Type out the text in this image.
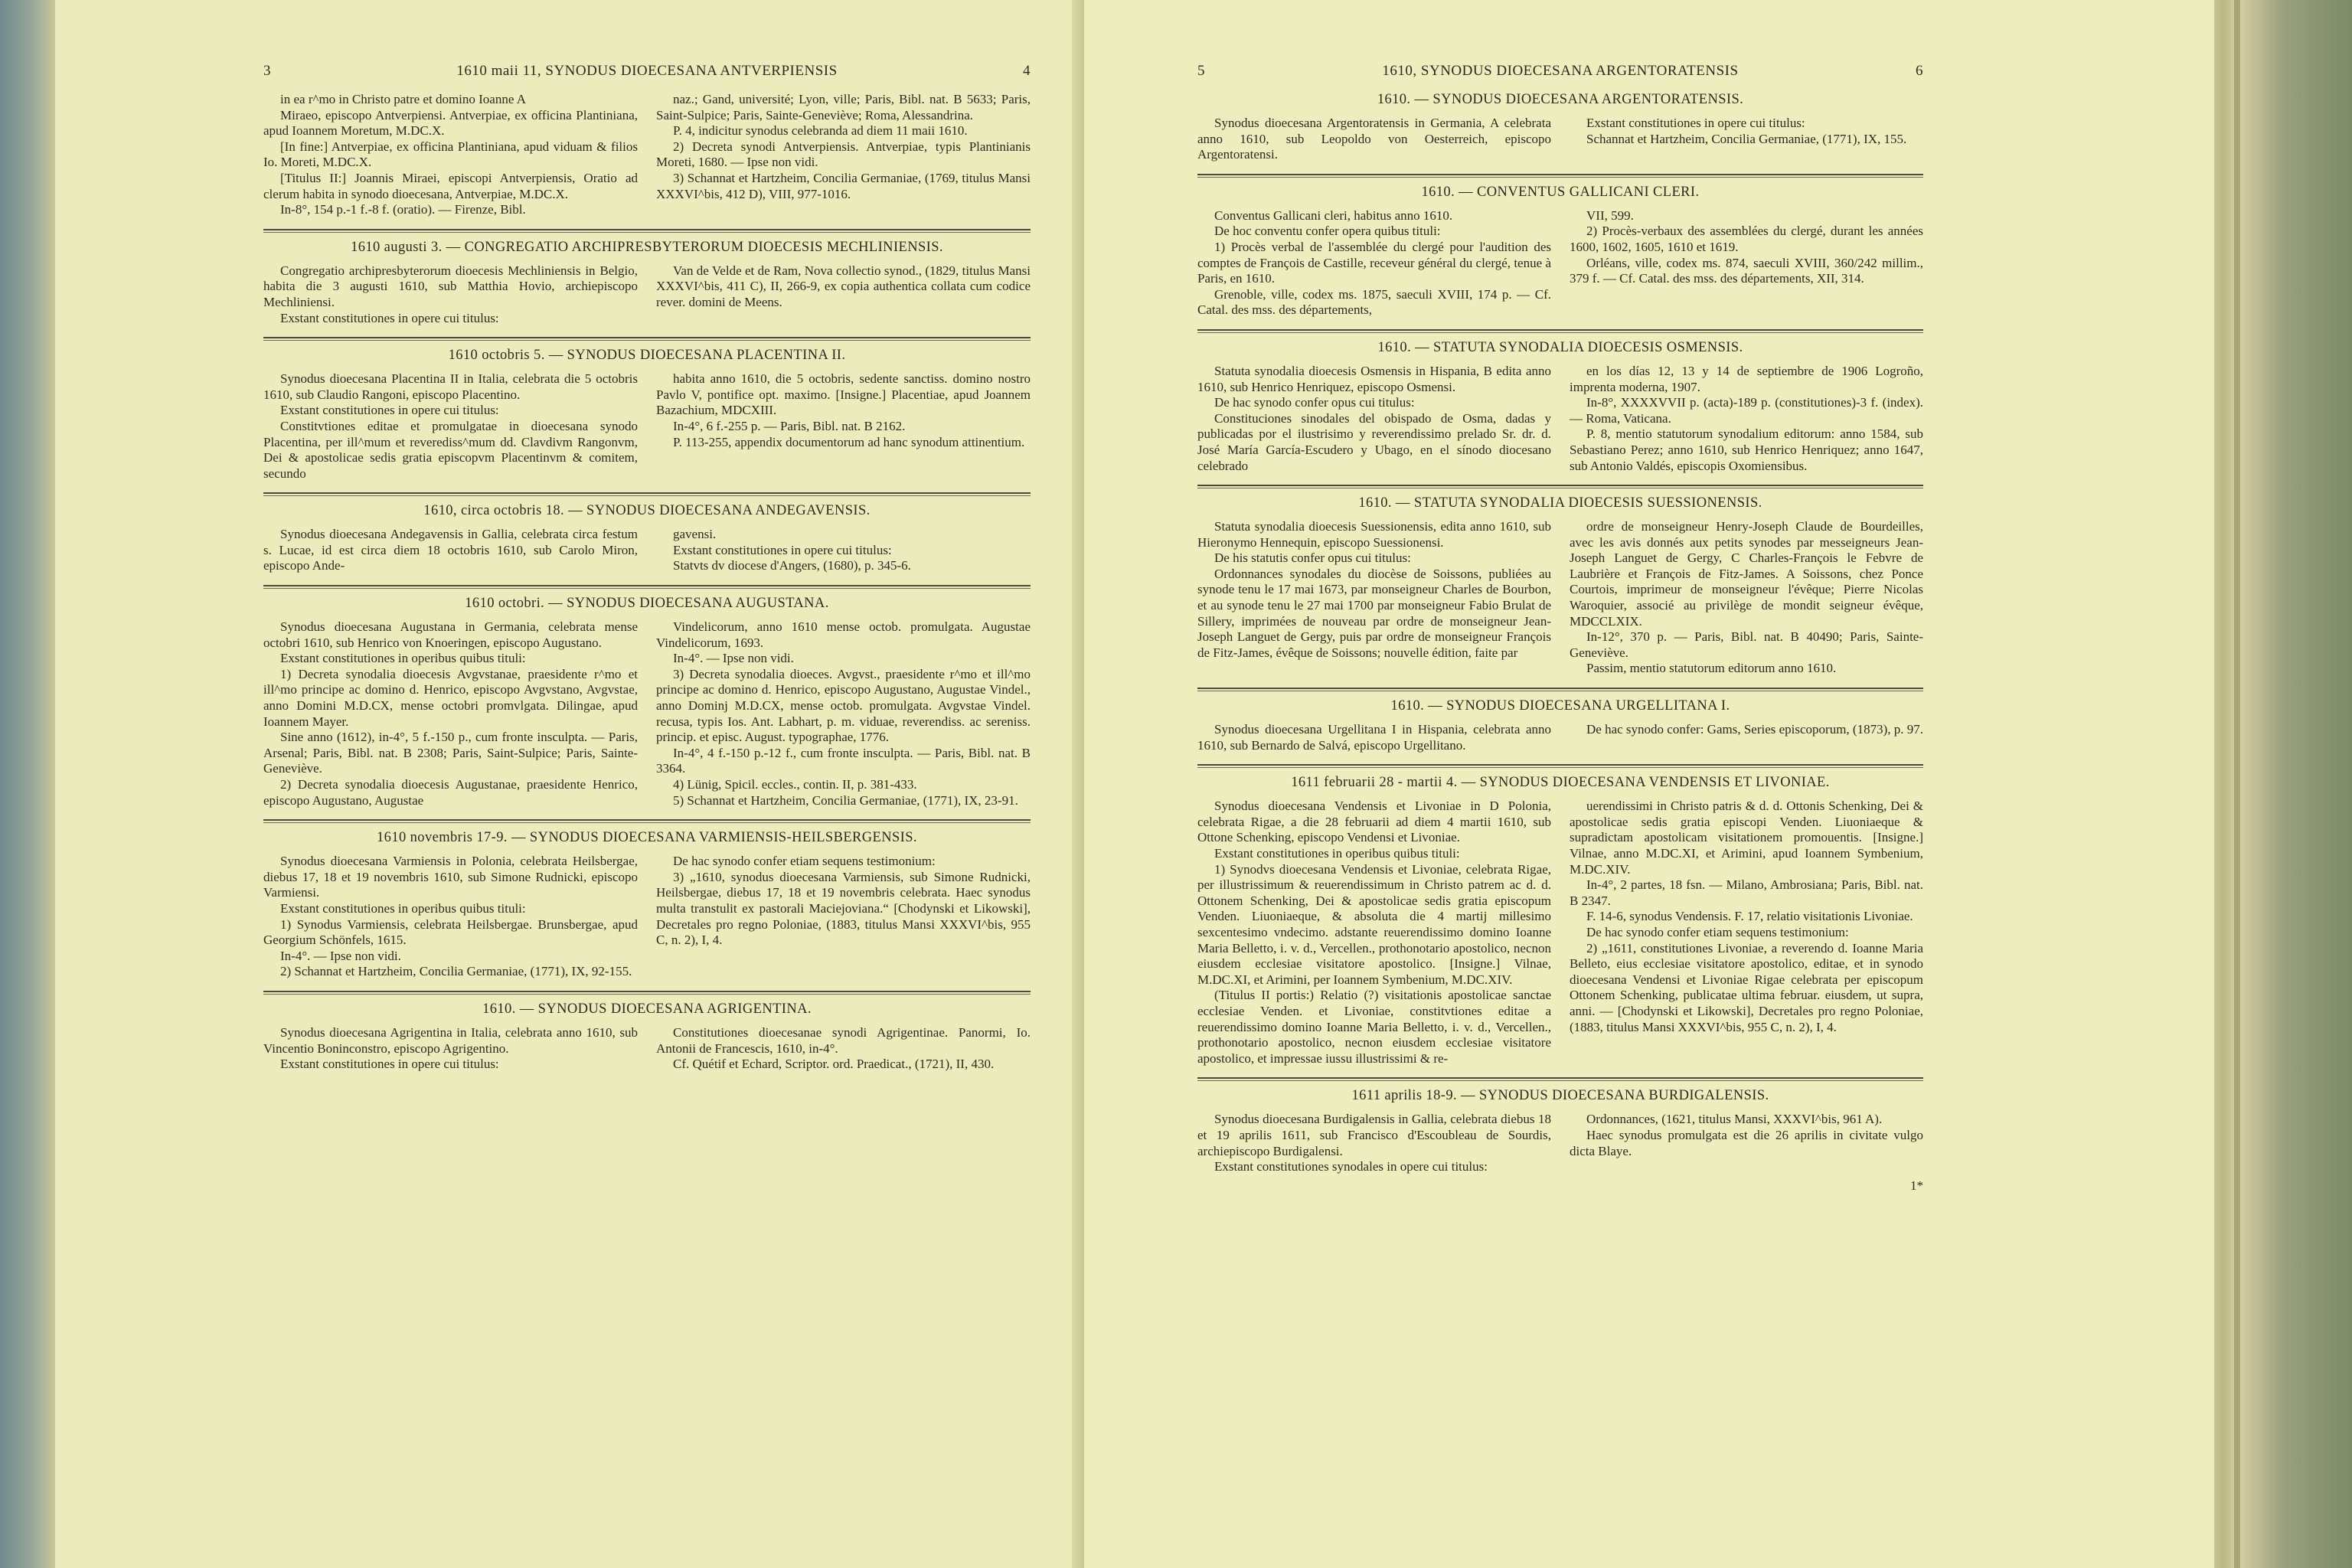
3	1610 maii 11, SYNODUS DIOECESANA ANTVERPIENSIS	4

in ea r^mo in Christo patre et domino Ioanne A

Miraeo, episcopo Antverpiensi. Antverpiae, ex officina Plantiniana, apud Ioannem Moretum, M.DC.X.

[In fine:] Antverpiae, ex officina Plantiniana, apud viduam & filios Io. Moreti, M.DC.X.

[Titulus II:] Joannis Miraei, episcopi Antverpiensis, Oratio ad clerum habita in synodo dioecesana, Antverpiae, M.DC.X.

In-8°, 154 p.-1 f.-8 f. (oratio). — Firenze, Bibl.

naz.; Gand, université; Lyon, ville; Paris, Bibl. nat. B 5633; Paris, Saint-Sulpice; Paris, Sainte-Geneviève; Roma, Alessandrina.

P. 4, indicitur synodus celebranda ad diem 11 maii 1610.

2) Decreta synodi Antverpiensis. Antverpiae, typis Plantinianis Moreti, 1680. — Ipse non vidi.

3) Schannat et Hartzheim, Concilia Germaniae, (1769, titulus Mansi XXXVI^bis, 412 D), VIII, 977-1016.

1610 augusti 3. — CONGREGATIO ARCHIPRESBYTERORUM DIOECESIS MECHLINIENSIS.

Congregatio archipresbyterorum dioecesis Mechliniensis in Belgio, habita die 3 augusti 1610, sub Matthia Hovio, archiepiscopo Mechliniensi.

Exstant constitutiones in opere cui titulus:

Van de Velde et de Ram, Nova collectio synod., (1829, titulus Mansi XXXVI^bis, 411 C), II, 266-9, ex copia authentica collata cum codice rever. domini de Meens.

1610 octobris 5. — SYNODUS DIOECESANA PLACENTINA II.

Synodus dioecesana Placentina II in Italia, celebrata die 5 octobris 1610, sub Claudio Rangoni, episcopo Placentino.

Exstant constitutiones in opere cui titulus:

Constitvtiones editae et promulgatae in dioecesana synodo Placentina, per ill^mum et reverediss^mum dd. Clavdivm Rangonvm, Dei & apostolicae sedis gratia episcopvm Placentinvm & comitem, secundo

habita anno 1610, die 5 octobris, sedente sanctiss. domino nostro Pavlo V, pontifice opt. maximo. [Insigne.] Placentiae, apud Joannem Bazachium, MDCXIII.

In-4°, 6 f.-255 p. — Paris, Bibl. nat. B 2162.

P. 113-255, appendix documentorum ad hanc synodum attinentium.

1610, circa octobris 18. — SYNODUS DIOECESANA ANDEGAVENSIS.

Synodus dioecesana Andegavensis in Gallia, celebrata circa festum s. Lucae, id est circa diem 18 octobris 1610, sub Carolo Miron, episcopo Ande-

gavensi.

Exstant constitutiones in opere cui titulus:

Statvts dv diocese d'Angers, (1680), p. 345-6.

1610 octobri. — SYNODUS DIOECESANA AUGUSTANA.

Synodus dioecesana Augustana in Germania, celebrata mense octobri 1610, sub Henrico von Knoeringen, episcopo Augustano.

Exstant constitutiones in operibus quibus tituli:

1) Decreta synodalia dioecesis Avgvstanae, praesidente r^mo et ill^mo principe ac domino d. Henrico, episcopo Avgvstano, Avgvstae, anno Domini M.D.CX, mense octobri promvlgata. Dilingae, apud Ioannem Mayer.

Sine anno (1612), in-4°, 5 f.-150 p., cum fronte insculpta. — Paris, Arsenal; Paris, Bibl. nat. B 2308; Paris, Saint-Sulpice; Paris, Sainte-Geneviève.

2) Decreta synodalia dioecesis Augustanae, praesidente Henrico, episcopo Augustano, Augustae

Vindelicorum, anno 1610 mense octob. promulgata. Augustae Vindelicorum, 1693.

In-4°. — Ipse non vidi.

3) Decreta synodalia dioeces. Avgvst., praesidente r^mo et ill^mo principe ac domino d. Henrico, episcopo Augustano, Augustae Vindel., anno Dominj M.D.CX, mense octob. promulgata. Avgvstae Vindel. recusa, typis Ios. Ant. Labhart, p. m. viduae, reverendiss. ac sereniss. princip. et episc. August. typographae, 1776.

In-4°, 4 f.-150 p.-12 f., cum fronte insculpta. — Paris, Bibl. nat. B 3364.

4) Lünig, Spicil. eccles., contin. II, p. 381-433.

5) Schannat et Hartzheim, Concilia Germaniae, (1771), IX, 23-91.

1610 novembris 17-9. — SYNODUS DIOECESANA VARMIENSIS-HEILSBERGENSIS.

Synodus dioecesana Varmiensis in Polonia, celebrata Heilsbergae, diebus 17, 18 et 19 novembris 1610, sub Simone Rudnicki, episcopo Varmiensi.

Exstant constitutiones in operibus quibus tituli:

1) Synodus Varmiensis, celebrata Heilsbergae. Brunsbergae, apud Georgium Schönfels, 1615.

In-4°. — Ipse non vidi.

2) Schannat et Hartzheim, Concilia Germaniae, (1771), IX, 92-155.

De hac synodo confer etiam sequens testimonium:

3) „1610, synodus dioecesana Varmiensis, sub Simone Rudnicki, Heilsbergae, diebus 17, 18 et 19 novembris celebrata. Haec synodus multa transtulit ex pastorali Maciejoviana.“ [Chodynski et Likowski], Decretales pro regno Poloniae, (1883, titulus Mansi XXXVI^bis, 955 C, n. 2), I, 4.

1610. — SYNODUS DIOECESANA AGRIGENTINA.

Synodus dioecesana Agrigentina in Italia, celebrata anno 1610, sub Vincentio Boninconstro, episcopo Agrigentino.

Exstant constitutiones in opere cui titulus:

Constitutiones dioecesanae synodi Agrigentinae. Panormi, Io. Antonii de Francescis, 1610, in-4°.

Cf. Quétif et Echard, Scriptor. ord. Praedicat., (1721), II, 430.

5	1610, SYNODUS DIOECESANA ARGENTORATENSIS	6
1610. — SYNODUS DIOECESANA ARGENTORATENSIS.

Synodus dioecesana Argentoratensis in Germania, A celebrata anno 1610, sub Leopoldo von Oesterreich, episcopo Argentoratensi.

Exstant constitutiones in opere cui titulus:

Schannat et Hartzheim, Concilia Germaniae, (1771), IX, 155.

1610. — CONVENTUS GALLICANI CLERI.

Conventus Gallicani cleri, habitus anno 1610.

De hoc conventu confer opera quibus tituli:

1) Procès verbal de l'assemblée du clergé pour l'audition des comptes de François de Castille, receveur général du clergé, tenue à Paris, en 1610.

Grenoble, ville, codex ms. 1875, saeculi XVIII, 174 p. — Cf. Catal. des mss. des départements,

VII, 599.

2) Procès-verbaux des assemblées du clergé, durant les années 1600, 1602, 1605, 1610 et 1619.

Orléans, ville, codex ms. 874, saeculi XVIII, 360/242 millim., 379 f. — Cf. Catal. des mss. des départements, XII, 314.

1610. — STATUTA SYNODALIA DIOECESIS OSMENSIS.

Statuta synodalia dioecesis Osmensis in Hispania, B edita anno 1610, sub Henrico Henriquez, episcopo Osmensi.

De hac synodo confer opus cui titulus:

Constituciones sinodales del obispado de Osma, dadas y publicadas por el ilustrisimo y reverendissimo prelado Sr. dr. d. José María García-Escudero y Ubago, en el sínodo diocesano celebrado

en los días 12, 13 y 14 de septiembre de 1906 Logroño, imprenta moderna, 1907.

In-8°, XXXXVVII p. (acta)-189 p. (constitutiones)-3 f. (index). — Roma, Vaticana.

P. 8, mentio statutorum synodalium editorum: anno 1584, sub Sebastiano Perez; anno 1610, sub Henrico Henriquez; anno 1647, sub Antonio Valdés, episcopis Oxomiensibus.

1610. — STATUTA SYNODALIA DIOECESIS SUESSIONENSIS.

Statuta synodalia dioecesis Suessionensis, edita anno 1610, sub Hieronymo Hennequin, episcopo Suessionensi.

De his statutis confer opus cui titulus:

Ordonnances synodales du diocèse de Soissons, publiées au synode tenu le 17 mai 1673, par monseigneur Charles de Bourbon, et au synode tenu le 27 mai 1700 par monseigneur Fabio Brulat de Sillery, imprimées de nouveau par ordre de monseigneur Jean-Joseph Languet de Gergy, puis par ordre de monseigneur François de Fitz-James, évêque de Soissons; nouvelle édition, faite par

ordre de monseigneur Henry-Joseph Claude de Bourdeilles, avec les avis donnés aux petits synodes par messeigneurs Jean-Joseph Languet de Gergy, C Charles-François le Febvre de Laubrière et François de Fitz-James. A Soissons, chez Ponce Courtois, imprimeur de monseigneur l'évêque; Pierre Nicolas Waroquier, associé au privilège de mondit seigneur évêque, MDCCLXIX.

In-12°, 370 p. — Paris, Bibl. nat. B 40490; Paris, Sainte-Geneviève.

Passim, mentio statutorum editorum anno 1610.

1610. — SYNODUS DIOECESANA URGELLITANA I.

Synodus dioecesana Urgellitana I in Hispania, celebrata anno 1610, sub Bernardo de Salvá, episcopo Urgellitano.

De hac synodo confer: Gams, Series episcoporum, (1873), p. 97.

1611 februarii 28 - martii 4. — SYNODUS DIOECESANA VENDENSIS ET LIVONIAE.

Synodus dioecesana Vendensis et Livoniae in D Polonia, celebrata Rigae, a die 28 februarii ad diem 4 martii 1610, sub Ottone Schenking, episcopo Vendensi et Livoniae.

Exstant constitutiones in operibus quibus tituli:

1) Synodvs dioecesana Vendensis et Livoniae, celebrata Rigae, per illustrissimum & reuerendissimum in Christo patrem ac d. d. Ottonem Schenking, Dei & apostolicae sedis gratia episcopum Venden. Liuoniaeque, & absoluta die 4 martij millesimo sexcentesimo vndecimo. adstante reuerendissimo domino Ioanne Maria Belletto, i. v. d., Vercellen., prothonotario apostolico, necnon eiusdem ecclesiae visitatore apostolico. [Insigne.] Vilnae, M.DC.XI, et Arimini, per Ioannem Symbenium, M.DC.XIV.

(Titulus II portis:) Relatio (?) visitationis apostolicae sanctae ecclesiae Venden. et Livoniae, constitvtiones editae a reuerendissimo domino Ioanne Maria Belletto, i. v. d., Vercellen., prothonotario apostolico, necnon eiusdem ecclesiae visitatore apostolico, et impressae iussu illustrissimi & re-

uerendissimi in Christo patris & d. d. Ottonis Schenking, Dei & apostolicae sedis gratia episcopi Venden. Liuoniaeque & supradictam apostolicam visitationem promouentis. [Insigne.] Vilnae, anno M.DC.XI, et Arimini, apud Ioannem Symbenium, M.DC.XIV.

In-4°, 2 partes, 18 fsn. — Milano, Ambrosiana; Paris, Bibl. nat. B 2347.

F. 14-6, synodus Vendensis. F. 17, relatio visitationis Livoniae.

De hac synodo confer etiam sequens testimonium:

2) „1611, constitutiones Livoniae, a reverendo d. Ioanne Maria Belleto, eius ecclesiae visitatore apostolico, editae, et in synodo dioecesana Vendensi et Livoniae Rigae celebrata per episcopum Ottonem Schenking, publicatae ultima februar. eiusdem, ut supra, anni. — [Chodynski et Likowski], Decretales pro regno Poloniae, (1883, titulus Mansi XXXVI^bis, 955 C, n. 2), I, 4.

1611 aprilis 18-9. — SYNODUS DIOECESANA BURDIGALENSIS.

Synodus dioecesana Burdigalensis in Gallia, celebrata diebus 18 et 19 aprilis 1611, sub Francisco d'Escoubleau de Sourdis, archiepiscopo Burdigalensi.

Exstant constitutiones synodales in opere cui titulus:

Ordonnances, (1621, titulus Mansi, XXXVI^bis, 961 A).

Haec synodus promulgata est die 26 aprilis in civitate vulgo dicta Blaye.

1*
